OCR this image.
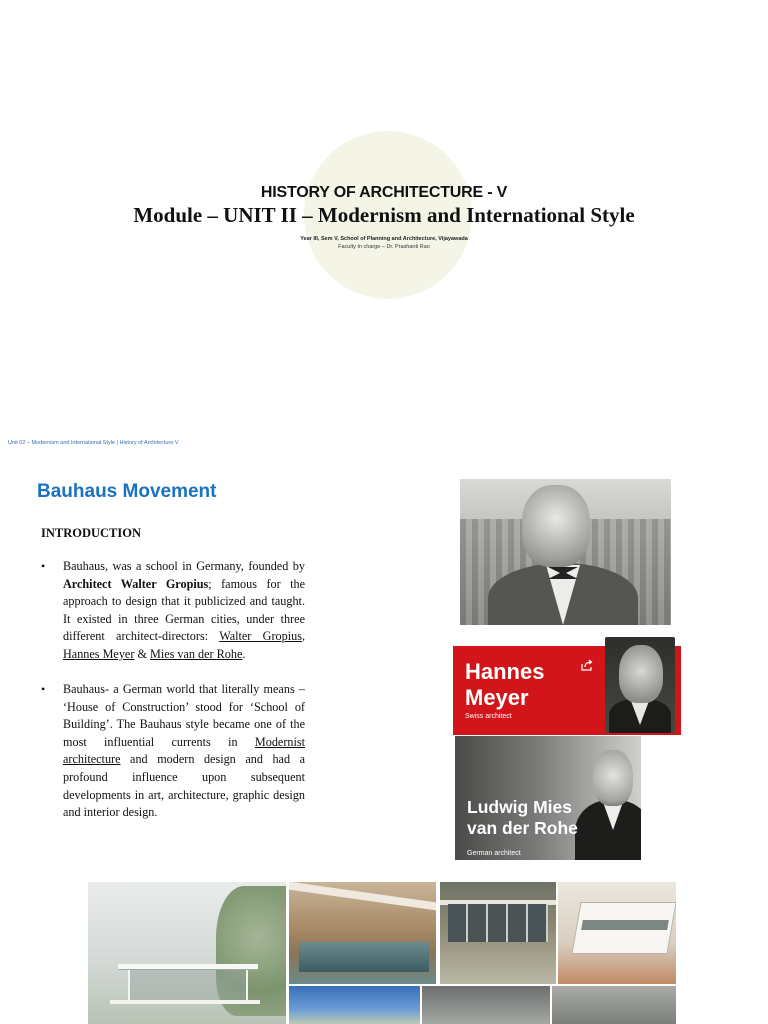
HISTORY OF ARCHITECTURE - V
Module – UNIT II – Modernism and International Style
Year III, Sem V, School of Planning and Architecture, Vijayawada
Faculty In charge – Dr. Prashanti Rao
Unit 02 – Modernism and International Style | History of Architecture V
Bauhaus Movement
INTRODUCTION
• Bauhaus, was a school in Germany, founded by Architect Walter Gropius; famous for the approach to design that it publicized and taught. It existed in three German cities, under three different architect-directors: Walter Gropius, Hannes Meyer & Mies van der Rohe.
• Bauhaus- a German world that literally means – ‘House of Construction’ stood for ‘School of Building’. The Bauhaus style became one of the most influential currents in Modernist architecture and modern design and had a profound influence upon subsequent developments in art, architecture, graphic design and interior design.
Hannes
Meyer
Swiss architect
Ludwig Mies
van der Rohe
German architect
